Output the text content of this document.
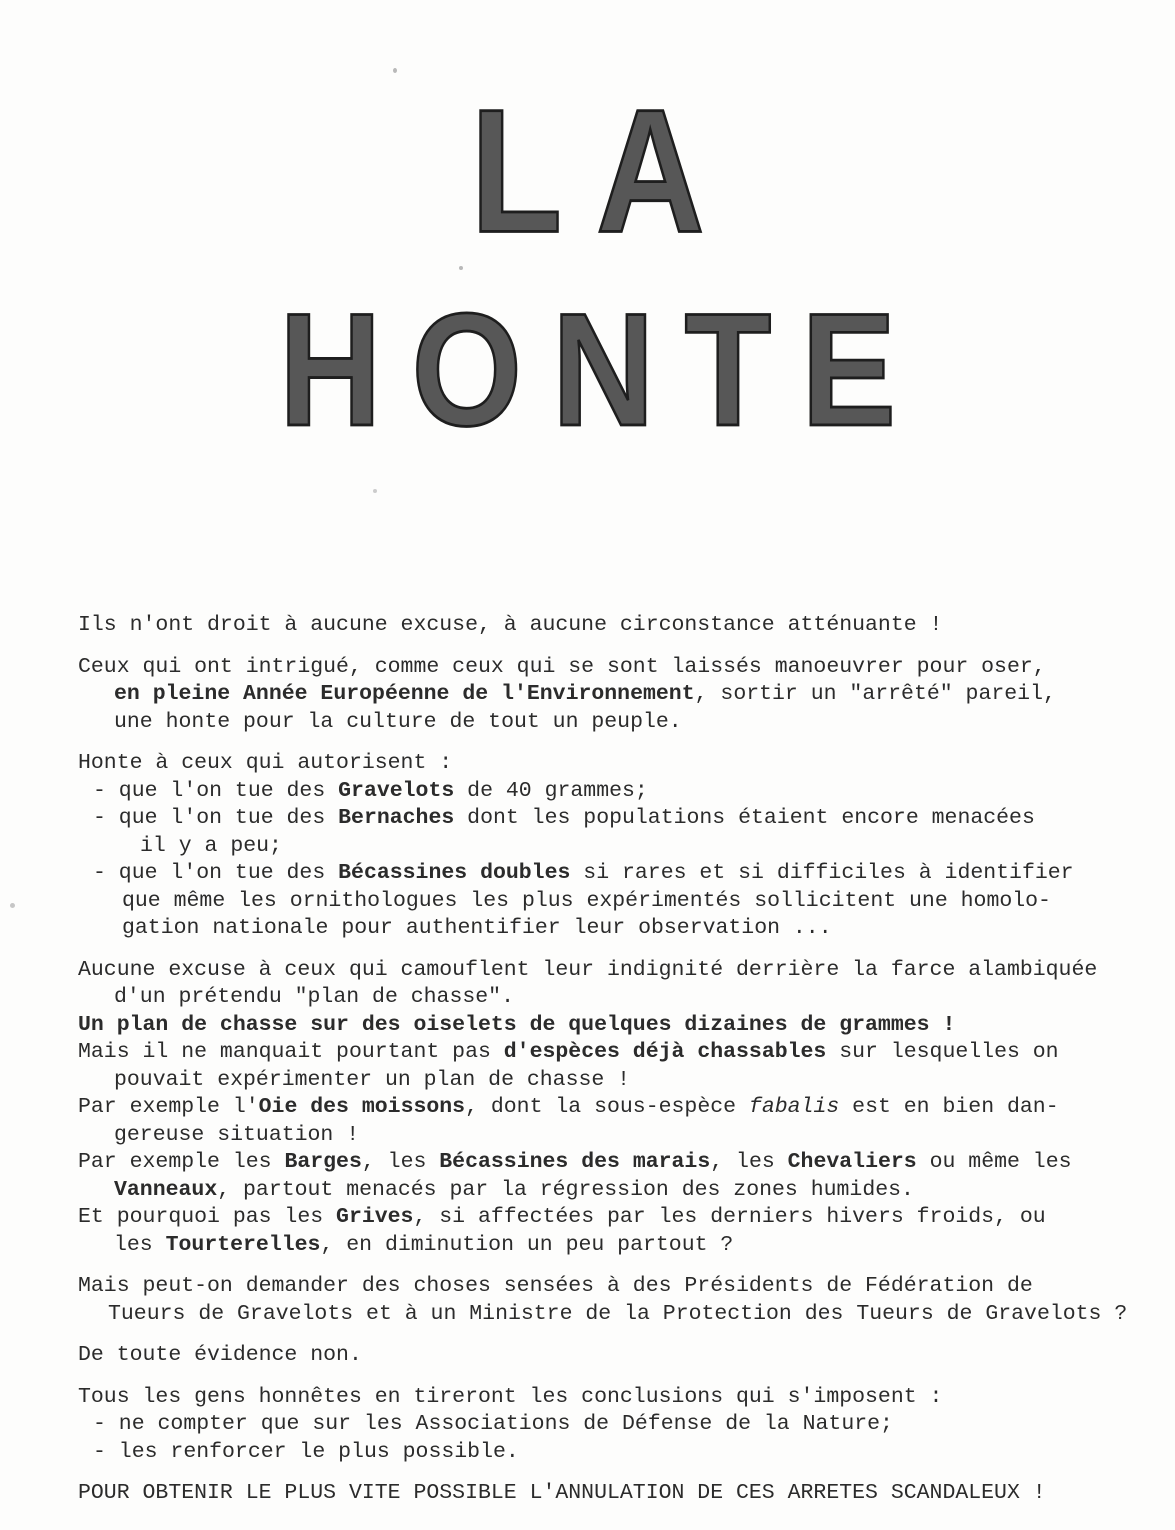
LA
HONTE
Ils n'ont droit à aucune excuse, à aucune circonstance atténuante !
Ceux qui ont intrigué, comme ceux qui se sont laissés manoeuvrer pour oser,
en pleine Année Européenne de l'Environnement, sortir un "arrêté" pareil,
une honte pour la culture de tout un peuple.
Honte à ceux qui autorisent :
- que l'on tue des Gravelots de 40 grammes;
- que l'on tue des Bernaches dont les populations étaient encore menacées
il y a peu;
- que l'on tue des Bécassines doubles si rares et si difficiles à identifier
que même les ornithologues les plus expérimentés sollicitent une homolo-
gation nationale pour authentifier leur observation ...
Aucune excuse à ceux qui camouflent leur indignité derrière la farce alambiquée
d'un prétendu "plan de chasse".
Un plan de chasse sur des oiselets de quelques dizaines de grammes !
Mais il ne manquait pourtant pas d'espèces déjà chassables sur lesquelles on
pouvait expérimenter un plan de chasse !
Par exemple l'Oie des moissons, dont la sous-espèce fabalis est en bien dan-
gereuse situation !
Par exemple les Barges, les Bécassines des marais, les Chevaliers ou même les
Vanneaux, partout menacés par la régression des zones humides.
Et pourquoi pas les Grives, si affectées par les derniers hivers froids, ou
les Tourterelles, en diminution un peu partout ?
Mais peut-on demander des choses sensées à des Présidents de Fédération de
Tueurs de Gravelots et à un Ministre de la Protection des Tueurs de Gravelots ?
De toute évidence non.
Tous les gens honnêtes en tireront les conclusions qui s'imposent :
- ne compter que sur les Associations de Défense de la Nature;
- les renforcer le plus possible.
POUR OBTENIR LE PLUS VITE POSSIBLE L'ANNULATION DE CES ARRETES SCANDALEUX !
